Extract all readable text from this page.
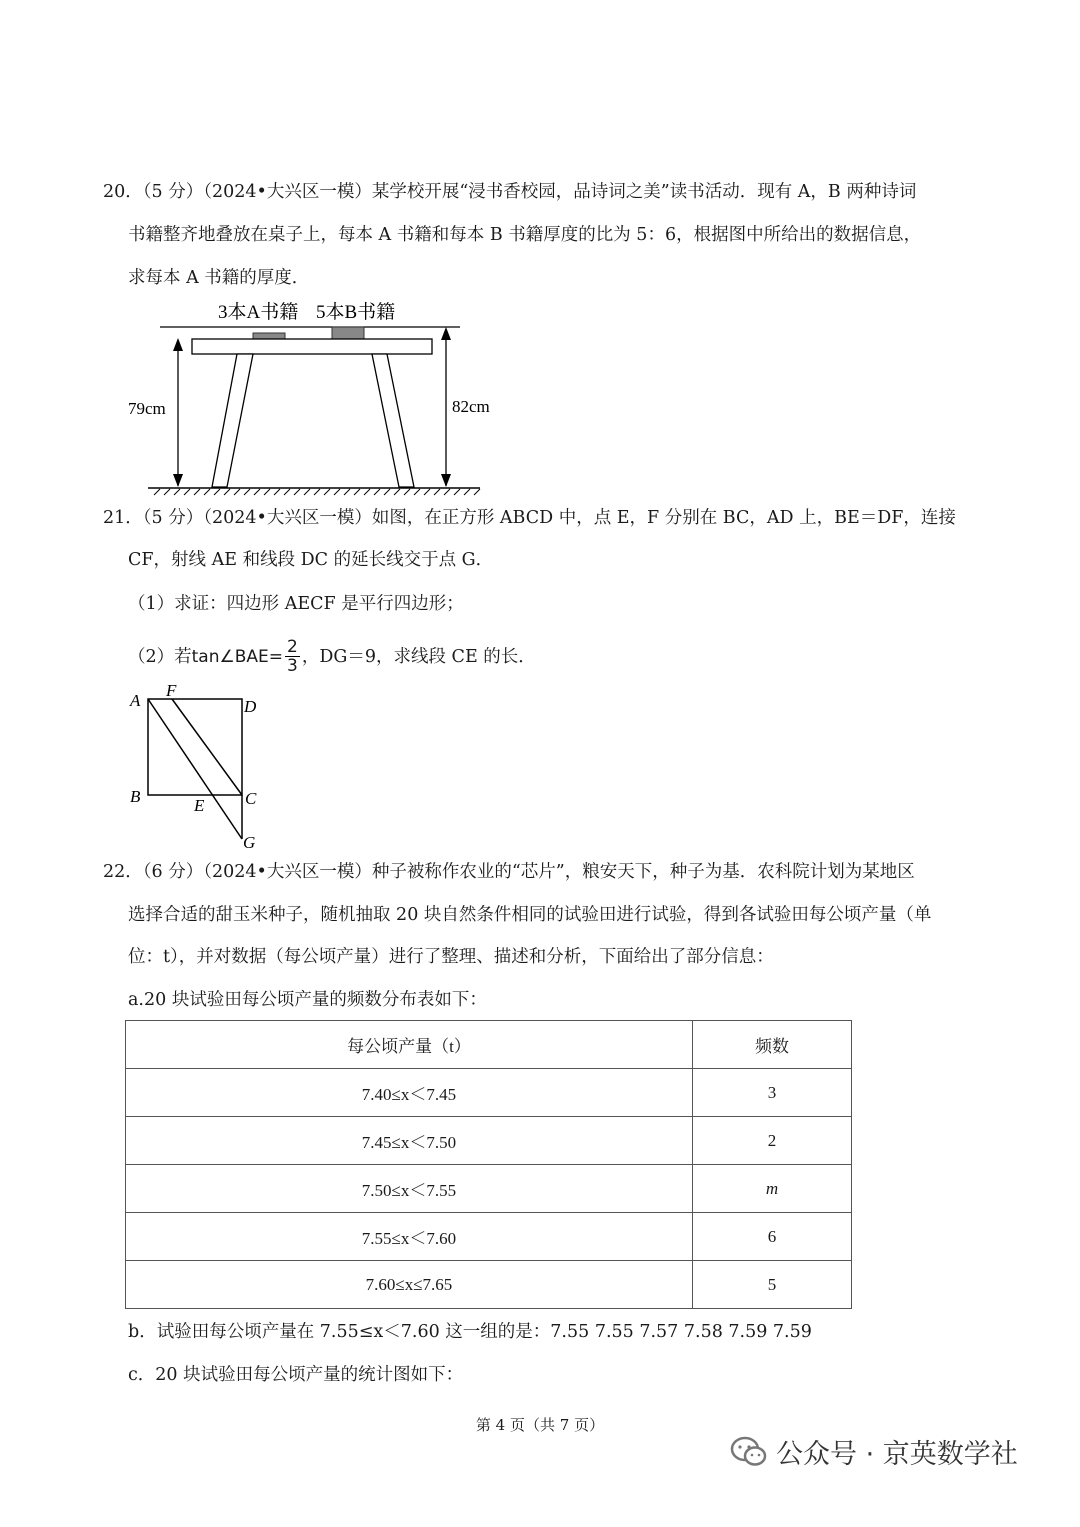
20．（5 分）（2024•大兴区一模）某学校开展“浸书香校园，品诗词之美”读书活动．现有 A，B 两种诗词
书籍整齐地叠放在桌子上，每本 A 书籍和每本 B 书籍厚度的比为 5：6，根据图中所给出的数据信息，
求每本 A 书籍的厚度．
3本A书籍 5本B书籍
79cm	82cm
21．（5 分）（2024•大兴区一模）如图，在正方形 ABCD 中，点 E，F 分别在 BC，AD 上，BE＝DF，连接
CF，射线 AE 和线段 DC 的延长线交于点 G．
（1）求证：四边形 AECF 是平行四边形；
（2）若 tan∠BAE= $\frac{2}{3}$ ，DG＝9，求线段 CE 的长．
A
F
D
B	E C
G
22．（6 分）（2024•大兴区一模）种子被称作农业的“芯片”，粮安天下，种子为基．农科院计划为某地区
选择合适的甜玉米种子，随机抽取 20 块自然条件相同的试验田进行试验，得到各试验田每公顷产量（单
位：t），并对数据（每公顷产量）进行了整理、描述和分析，下面给出了部分信息：
a.20 块试验田每公顷产量的频数分布表如下：
每公顷产量（t）	频数
7.40≤x＜7.45	3
7.45≤x＜7.50	2
7.50≤x＜7.55	m
7.55≤x＜7.60	6
7.60≤x≤7.65	5
b．试验田每公顷产量在 7.55≤x＜7.60 这一组的是：7.55 7.55 7.57 7.58 7.59 7.59
c．20 块试验田每公顷产量的统计图如下：
第 4 页（共 7 页）
公众号 · 京英数学社
